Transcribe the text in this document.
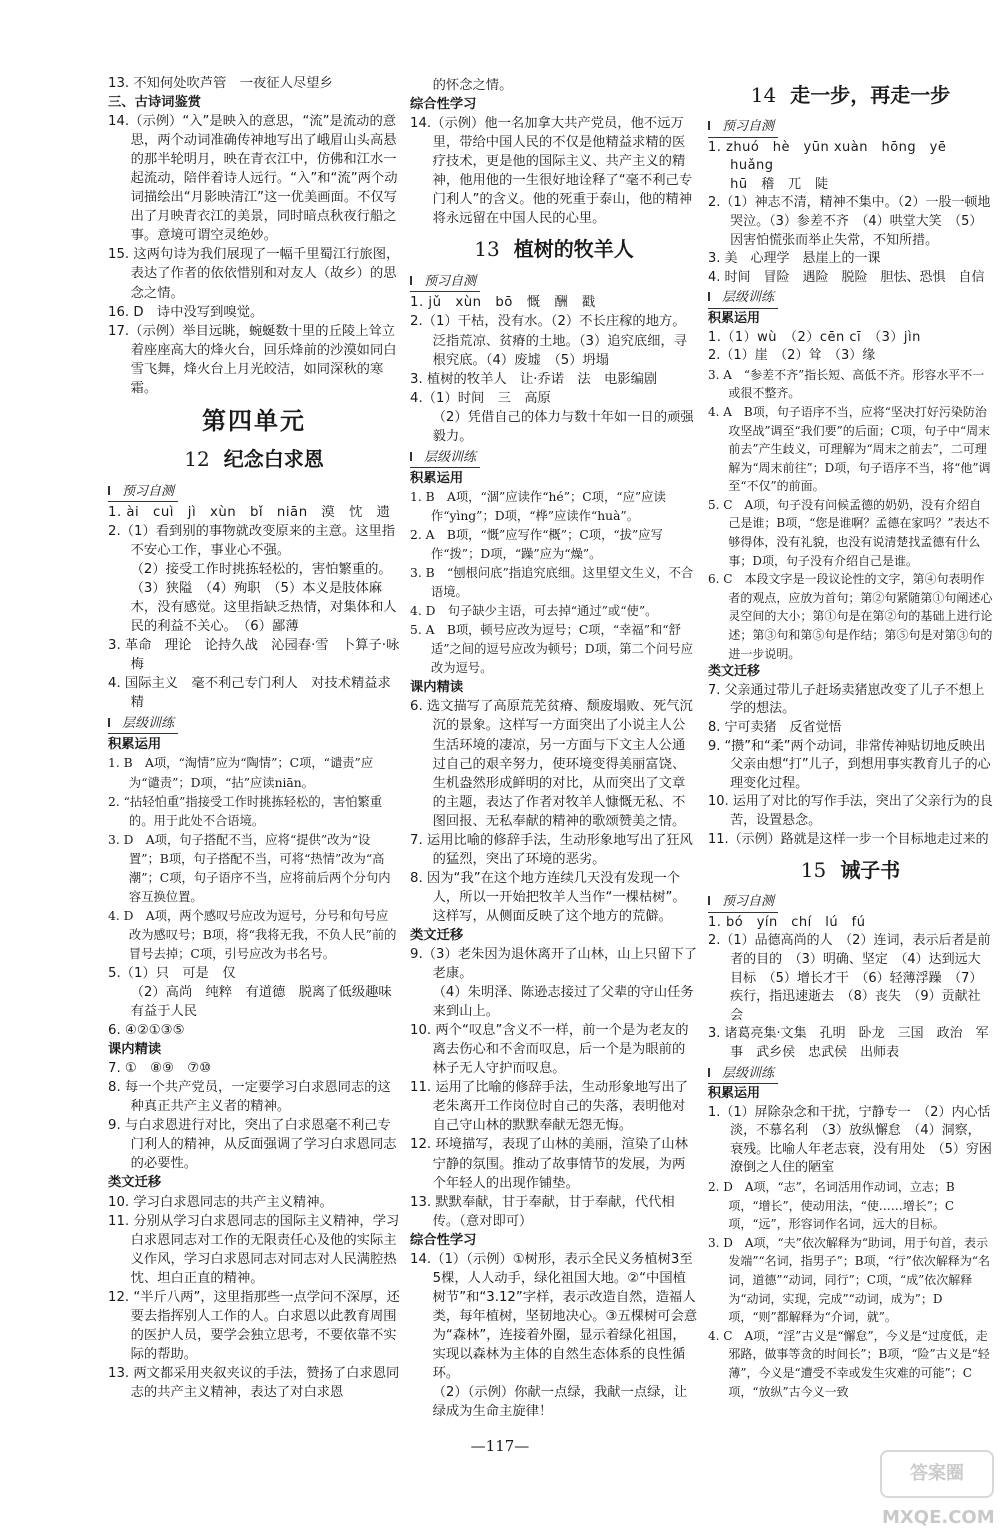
13. 不知何处吹芦管　一夜征人尽望乡

三、古诗词鉴赏

14.（示例）“入”是映入的意思，“流”是流动的意思，两个动词准确传神地写出了峨眉山头高悬的那半轮明月，映在青衣江中，仿佛和江水一起流动，陪伴着诗人远行。“入”和“流”两个动词描绘出“月影映清江”这一优美画面。不仅写出了月映青衣江的美景，同时暗点秋夜行船之事。意境可谓空灵绝妙。

15. 这两句诗为我们展现了一幅千里蜀江行旅图，表达了作者的依依惜别和对友人（故乡）的思念之情。

16. D　诗中没写到嗅觉。

17.（示例）举目远眺，蜿蜒数十里的丘陵上耸立着座座高大的烽火台，回乐烽前的沙漠如同白雪飞舞，烽火台上月光皎洁，如同深秋的寒霜。

第四单元
12 纪念白求恩
预习自测

1. ài　cuì　jì　xùn　bǐ　niān　漠　忱　遗

2.（1）看到别的事物就改变原来的主意。这里指不安心工作，事业心不强。

（2）接受工作时挑拣轻松的，害怕繁重的。

（3）狭隘　（4）殉职　（5）本义是肢体麻木，没有感觉。这里指缺乏热情，对集体和人民的利益不关心。　（6）鄙薄

3. 革命　理论　论持久战　沁园春·雪　卜算子·咏梅

4. 国际主义　毫不利己专门利人　对技术精益求精

层级训练

积累运用

1. B　A项，“淘情”应为“陶情”；C项，“谴责”应为“谴责”；D项，“拈”应读niān。

2. “拈轻怕重”指接受工作时挑拣轻松的，害怕繁重的。用于此处不合语境。

3. D　A项，句子搭配不当，应将“提供”改为“设置”；B项，句子搭配不当，可将“热情”改为“高潮”；C项，句子语序不当，应将前后两个分句内容互换位置。

4. D　A项，两个感叹号应改为逗号，分号和句号应改为感叹号；B项，将“我将无我，不负人民”前的冒号去掉；C项，引号应改为书名号。

5.（1）只　可是　仅

（2）高尚　纯粹　有道德　脱离了低级趣味　有益于人民

6. ④②①③⑤

课内精读

7. ①　⑧⑨　⑦⑩

8. 每一个共产党员，一定要学习白求恩同志的这种真正共产主义者的精神。

9. 与白求恩进行对比，突出了白求恩毫不利己专门利人的精神，从反面强调了学习白求恩同志的必要性。

类文迁移

10. 学习白求恩同志的共产主义精神。

11. 分别从学习白求恩同志的国际主义精神，学习白求恩同志对工作的无限责任心及他的实际主义作风，学习白求恩同志对同志对人民满腔热忱、坦白正直的精神。

12. “半斤八两”，这里指那些一点学问不深厚，还要去指挥别人工作的人。白求恩以此教育周围的医护人员，要学会独立思考，不要依靠不实际的帮助。

13. 两文都采用夹叙夹议的手法，赞扬了白求恩同志的共产主义精神，表达了对白求恩

的怀念之情。

综合性学习

14.（示例）他一名加拿大共产党员，他不远万里，带给中国人民的不仅是他精益求精的医疗技术，更是他的国际主义、共产主义的精神，他用他的一生很好地诠释了“毫不利己专门利人”的含义。他的死重于泰山，他的精神将永远留在中国人民的心里。

13 植树的牧羊人
预习自测

1. jǔ　xùn　bō　慨　酬　戳

2.（1）干枯，没有水。（2）不长庄稼的地方。泛指荒凉、贫瘠的土地。（3）追究底细，寻根究底。（4）废墟　（5）坍塌

3. 植树的牧羊人　让·乔诺　法　电影编剧

4.（1）时间　三　高原

（2）凭借自己的体力与数十年如一日的顽强毅力。

层级训练

积累运用

1. B　A项，“涸”应读作“hé”；C项，“应”应读作“yìng”；D项，“桦”应读作“huà”。

2. A　B项，“慨”应写作“概”；C项，“拔”应写作“拨”；D项，“躁”应为“燥”。

3. B　“刨根问底”指追究底细。这里望文生义，不合语境。

4. D　句子缺少主语，可去掉“通过”或“使”。

5. A　B项，顿号应改为逗号；C项，“幸福”和“舒适”之间的逗号应改为顿号；D项，第二个问号应改为逗号。

课内精读

6. 选文描写了高原荒芜贫瘠、颓废塌败、死气沉沉的景象。这样写一方面突出了小说主人公生活环境的凄凉，另一方面与下文主人公通过自己的艰辛努力，使环境变得美丽富饶、生机盎然形成鲜明的对比，从而突出了文章的主题，表达了作者对牧羊人慷慨无私、不图回报、无私奉献的精神的歌颂赞美之情。

7. 运用比喻的修辞手法，生动形象地写出了狂风的猛烈，突出了环境的恶劣。

8. 因为“我”在这个地方连续几天没有发现一个人，所以一开始把牧羊人当作“一棵枯树”。这样写，从侧面反映了这个地方的荒僻。

类文迁移

9.（3）老朱因为退休离开了山林，山上只留下了老康。

（4）朱明泽、陈逊志接过了父辈的守山任务来到山上。

10. 两个“叹息”含义不一样，前一个是为老友的离去伤心和不舍而叹息，后一个是为眼前的林子无人守护而叹息。

11. 运用了比喻的修辞手法，生动形象地写出了老朱离开工作岗位时自己的失落，表明他对自己守山林的默默奉献无怨无悔。

12. 环境描写，表现了山林的美丽，渲染了山林宁静的氛围。推动了故事情节的发展，为两个年轻人的出现作铺垫。

13. 默默奉献，甘于奉献，甘于奉献，代代相传。（意对即可）

综合性学习

14.（1）（示例）①树形，表示全民义务植树3至5棵，人人动手，绿化祖国大地。②“中国植树节”和“3.12”字样，表示改造自然，造福人类，每年植树，坚韧地决心。③五棵树可会意为“森林”，连接着外圈，显示着绿化祖国，实现以森林为主体的自然生态体系的良性循环。

（2）（示例）你献一点绿，我献一点绿，让绿成为生命主旋律！

14 走一步，再走一步
预习自测

1. zhuó　hè　yūn xuàn　hōng　yē　huǎng

hū　稽　兀　陡

2.（1）神志不清，精神不集中。（2）一股一顿地哭泣。（3）参差不齐　（4）哄堂大笑　（5）因害怕慌张而举止失常，不知所措。

3. 美　心理学　悬崖上的一课

4. 时间　冒险　遇险　脱险　胆怯、恐惧　自信

层级训练

积累运用

1.（1）wù　（2）cēn cī　（3）jìn

2.（1）崖　（2）耸　（3）缘

3. A　“参差不齐”指长短、高低不齐。形容水平不一或很不整齐。

4. A　B项，句子语序不当，应将“坚决打好污染防治攻坚战”调至“我们要”的后面；C项，句子中“周末前去”产生歧义，可理解为“周末之前去”，二可理解为“周末前往”；D项，句子语序不当，将“他”调至“不仅”的前面。

5. C　A项，句子没有问候孟德的奶奶，没有介绍自己是谁；B项，“您是谁啊？孟德在家吗？”表达不够得体，没有礼貌，也没有说清楚找孟德有什么事；D项，句子没有介绍自己是谁。

6. C　本段文字是一段议论性的文字，第④句表明作者的观点，应放为首句；第②句紧随第①句阐述心灵空间的大小；第①句是在第②句的基础上进行论述；第③句和第⑤句是作结；第⑤句是对第③句的进一步说明。

类文迁移

7. 父亲通过带儿子赶场卖猪崽改变了儿子不想上学的想法。

8. 宁可卖猪　反省觉悟

9. “攒”和“柔”两个动词，非常传神贴切地反映出父亲由想“打”儿子，到想用事实教育儿子的心理变化过程。

10. 运用了对比的写作手法，突出了父亲行为的良苦，设置悬念。

11.（示例）路就是这样一步一个目标地走过来的

15 诫子书
预习自测

1. bó　yín　chí　lú　fú

2.（1）品德高尚的人　（2）连词，表示后者是前者的目的　（3）明确、坚定　（4）达到远大目标　（5）增长才干　（6）轻薄浮躁　（7）疾行，指迅速逝去　（8）丧失　（9）贡献社会

3. 诸葛亮集·文集　孔明　卧龙　三国　政治　军事　武乡侯　忠武侯　出师表

层级训练

积累运用

1.（1）屏除杂念和干扰，宁静专一　（2）内心恬淡，不慕名利　（3）放纵懈怠　（4）洞察，衰残。比喻人年老志衰，没有用处　（5）穷困潦倒之人住的陋室

2. D　A项，“志”，名词活用作动词，立志；B项，“增长”，使动用法，“使……增长”；C项，“远”，形容词作名词，远大的目标。

3. D　A项，“夫”依次解释为“助词，用于句首，表示发端”“名词，指男子”；B项，“行”依次解释为“名词，道德”“动词，同行”；C项，“成”依次解释为“动词，实现，完成”“动词，成为”；D项，“则”都解释为“介词，就”。

4. C　A项，“淫”古义是“懈怠”，今义是“过度低，走邪路，做事等贪的时间长”；B项，“险”古义是“轻薄”，今义是“遭受不幸或发生灾难的可能”；C项，“放纵”古今义一致

—117—
答案圈 MXQE.COM
